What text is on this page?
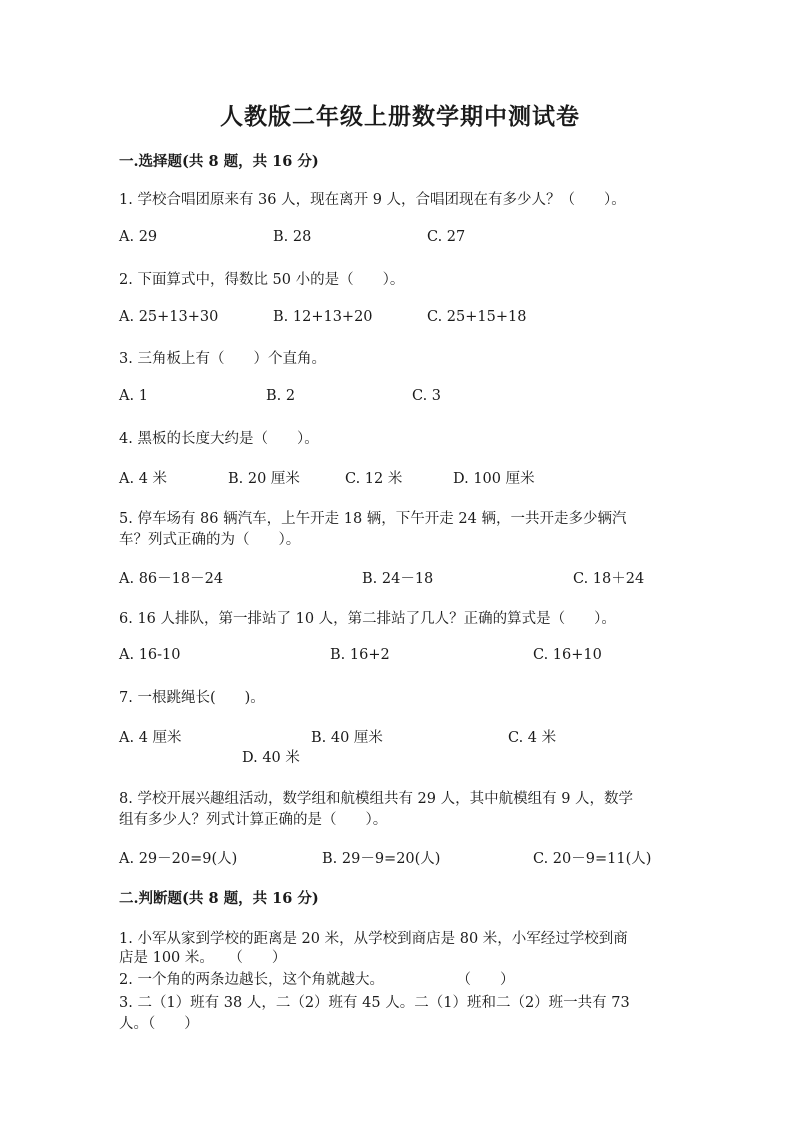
人教版二年级上册数学期中测试卷
一.选择题(共 8 题，共 16 分)
1. 学校合唱团原来有 36 人，现在离开 9 人，合唱团现在有多少人？（　　）。
A. 29	B. 28	C. 27
2. 下面算式中，得数比 50 小的是（　　）。
A. 25+13+30	B. 12+13+20	C. 25+15+18
3. 三角板上有（　　）个直角。
A. 1	B. 2	C. 3
4. 黑板的长度大约是（　　）。
A. 4 米	B. 20 厘米	C. 12 米	D. 100 厘米
5. 停车场有 86 辆汽车，上午开走 18 辆，下午开走 24 辆，一共开走多少辆汽
车？列式正确的为（　　）。
A. 86－18－24	B. 24－18	C. 18＋24
6. 16 人排队，第一排站了 10 人，第二排站了几人？正确的算式是（　　）。
A. 16-10	B. 16+2	C. 16+10
7. 一根跳绳长(　　)。
A. 4 厘米	B. 40 厘米	C. 4 米
D. 40 米
8. 学校开展兴趣组活动，数学组和航模组共有 29 人，其中航模组有 9 人，数学
组有多少人？列式计算正确的是（　　）。
A. 29－20=9(人)	B. 29－9=20(人)	C. 20－9=11(人)
二.判断题(共 8 题，共 16 分)
1. 小军从家到学校的距离是 20 米，从学校到商店是 80 米，小军经过学校到商
店是 100 米。　　（　　）
2. 一个角的两条边越长，这个角就越大。　　　　　　（　　）
3. 二（1）班有 38 人，二（2）班有 45 人。二（1）班和二（2）班一共有 73
人。（　　）
